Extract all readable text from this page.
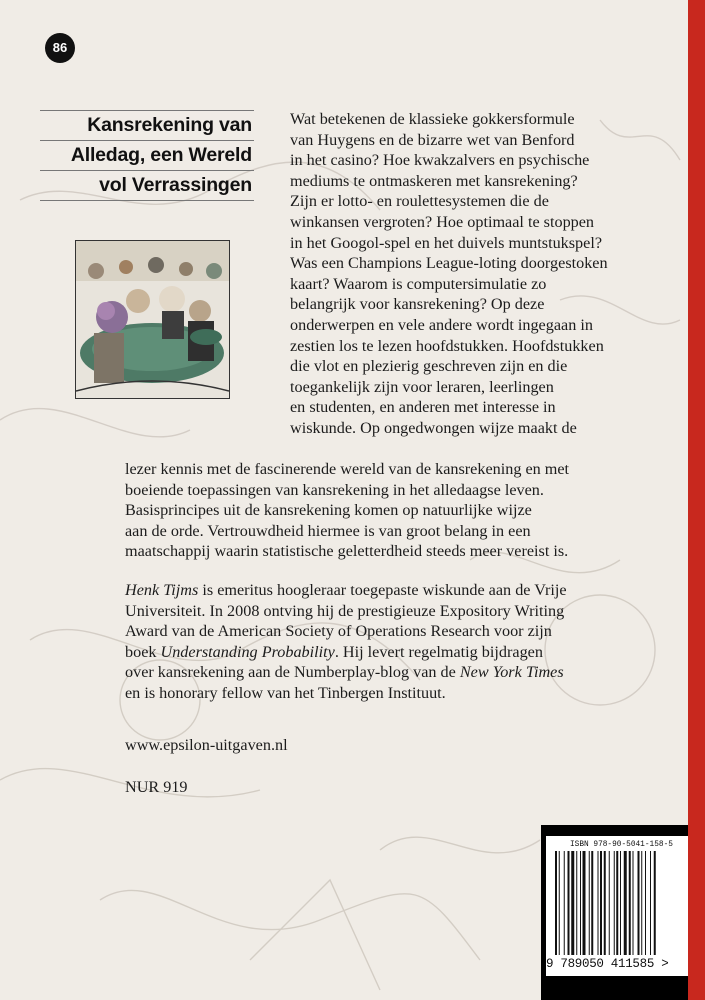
86
Kansrekening van
Alledag, een Wereld
vol Verrassingen

Wat betekenen de klassieke gokkersformule
van Huygens en de bizarre wet van Benford
in het casino? Hoe kwakzalvers en psychische
mediums te ontmaskeren met kansrekening?
Zijn er lotto- en roulettesystemen die de
winkansen vergroten? Hoe optimaal te stoppen
in het Googol-spel en het duivels muntstukspel?
Was een Champions League-loting doorgestoken
kaart? Waarom is computersimulatie zo
belangrijk voor kansrekening? Op deze
onderwerpen en vele andere wordt ingegaan in
zestien los te lezen hoofdstukken. Hoofdstukken
die vlot en plezierig geschreven zijn en die
toegankelijk zijn voor leraren, leerlingen
en studenten, en anderen met interesse in
wiskunde. Op ongedwongen wijze maakt de

lezer kennis met de fascinerende wereld van de kansrekening en met
boeiende toepassingen van kansrekening in het alledaagse leven.
Basisprincipes uit de kansrekening komen op natuurlijke wijze
aan de orde. Vertrouwdheid hiermee is van groot belang in een
maatschappij waarin statistische geletterdheid steeds meer vereist is.

Henk Tijms is emeritus hoogleraar toegepaste wiskunde aan de Vrije
Universiteit. In 2008 ontving hij de prestigieuze Expository Writing
Award van de American Society of Operations Research voor zijn
boek Understanding Probability. Hij levert regelmatig bijdragen
over kansrekening aan de Numberplay-blog van de New York Times
en is honorary fellow van het Tinbergen Instituut.

www.epsilon-uitgaven.nl

NUR 919

ISBN 978-90-5041-158-5
9 789050 411585 >
